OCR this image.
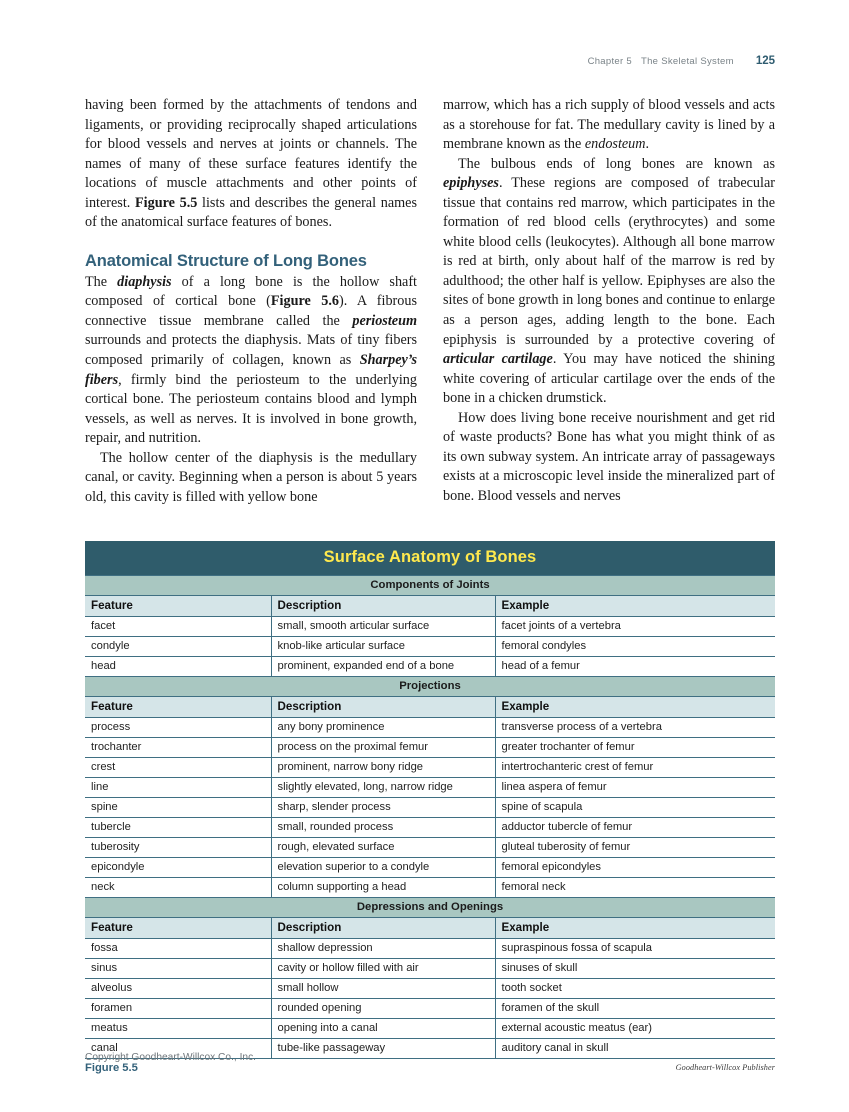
Chapter 5 The Skeletal System 125

having been formed by the attachments of tendons and ligaments, or providing reciprocally shaped articulations for blood vessels and nerves at joints or channels. The names of many of these surface features identify the locations of muscle attachments and other points of interest. Figure 5.5 lists and describes the general names of the anatomical surface features of bones.

Anatomical Structure of Long Bones

The diaphysis of a long bone is the hollow shaft composed of cortical bone (Figure 5.6). A fibrous connective tissue membrane called the periosteum surrounds and protects the diaphysis. Mats of tiny fibers composed primarily of collagen, known as Sharpey’s fibers, firmly bind the periosteum to the underlying cortical bone. The periosteum contains blood and lymph vessels, as well as nerves. It is involved in bone growth, repair, and nutrition.

The hollow center of the diaphysis is the medullary canal, or cavity. Beginning when a person is about 5 years old, this cavity is filled with yellow bone

marrow, which has a rich supply of blood vessels and acts as a storehouse for fat. The medullary cavity is lined by a membrane known as the endosteum.

The bulbous ends of long bones are known as epiphyses. These regions are composed of trabecular tissue that contains red marrow, which participates in the formation of red blood cells (erythrocytes) and some white blood cells (leukocytes). Although all bone marrow is red at birth, only about half of the marrow is red by adulthood; the other half is yellow. Epiphyses are also the sites of bone growth in long bones and continue to enlarge as a person ages, adding length to the bone. Each epiphysis is surrounded by a protective covering of articular cartilage. You may have noticed the shining white covering of articular cartilage over the ends of the bone in a chicken drumstick.

How does living bone receive nourishment and get rid of waste products? Bone has what you might think of as its own subway system. An intricate array of passageways exists at a microscopic level inside the mineralized part of bone. Blood vessels and nerves

Surface Anatomy of Bones		
Components of Joints		
Feature	Description	Example
facet	small, smooth articular surface	facet joints of a vertebra
condyle	knob-like articular surface	femoral condyles
head	prominent, expanded end of a bone	head of a femur
Projections		
Feature	Description	Example
process	any bony prominence	transverse process of a vertebra
trochanter	process on the proximal femur	greater trochanter of femur
crest	prominent, narrow bony ridge	intertrochanteric crest of femur
line	slightly elevated, long, narrow ridge	linea aspera of femur
spine	sharp, slender process	spine of scapula
tubercle	small, rounded process	adductor tubercle of femur
tuberosity	rough, elevated surface	gluteal tuberosity of femur
epicondyle	elevation superior to a condyle	femoral epicondyles
neck	column supporting a head	femoral neck
Depressions and Openings		
Feature	Description	Example
fossa	shallow depression	supraspinous fossa of scapula
sinus	cavity or hollow filled with air	sinuses of skull
alveolus	small hollow	tooth socket
foramen	rounded opening	foramen of the skull
meatus	opening into a canal	external acoustic meatus (ear)
canal	tube-like passageway	auditory canal in skull
Figure 5.5	Goodheart-Willcox Publisher
Copyright Goodheart-Willcox Co., Inc.
